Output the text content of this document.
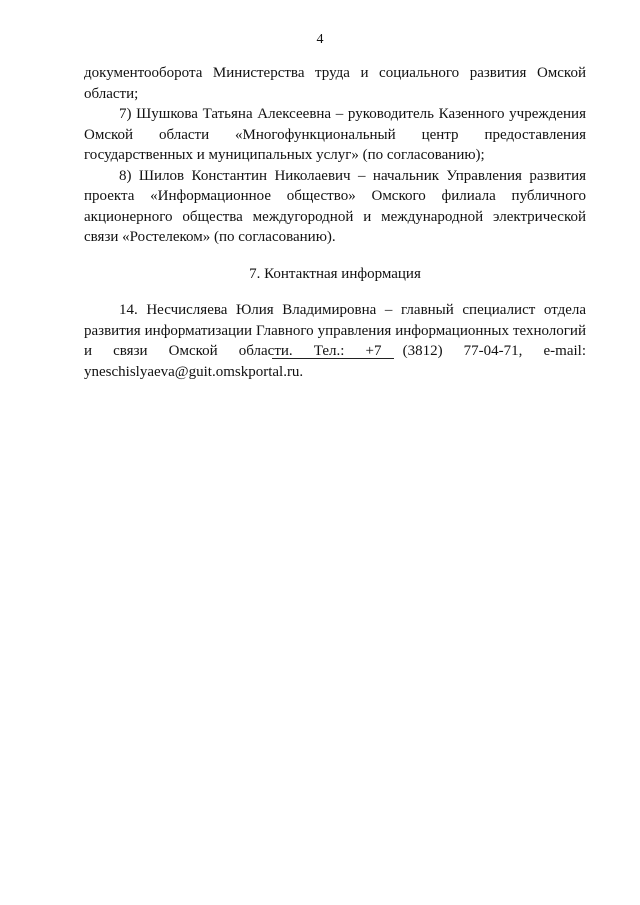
4

документооборота Министерства труда и социального развития Омской области;

7) Шушкова Татьяна Алексеевна – руководитель Казенного учреждения Омской области «Многофункциональный центр предоставления государственных и муниципальных услуг» (по согласованию);

8) Шилов Константин Николаевич – начальник Управления развития проекта «Информационное общество» Омского филиала публичного акционерного общества междугородной и международной электрической связи «Ростелеком» (по согласованию).

7. Контактная информация

14. Несчисляева Юлия Владимировна – главный специалист отдела развития информатизации Главного управления информационных технологий и связи Омской области. Тел.: +7 (3812) 77-04-71, e-mail: yneschislyaeva@guit.omskportal.ru.
